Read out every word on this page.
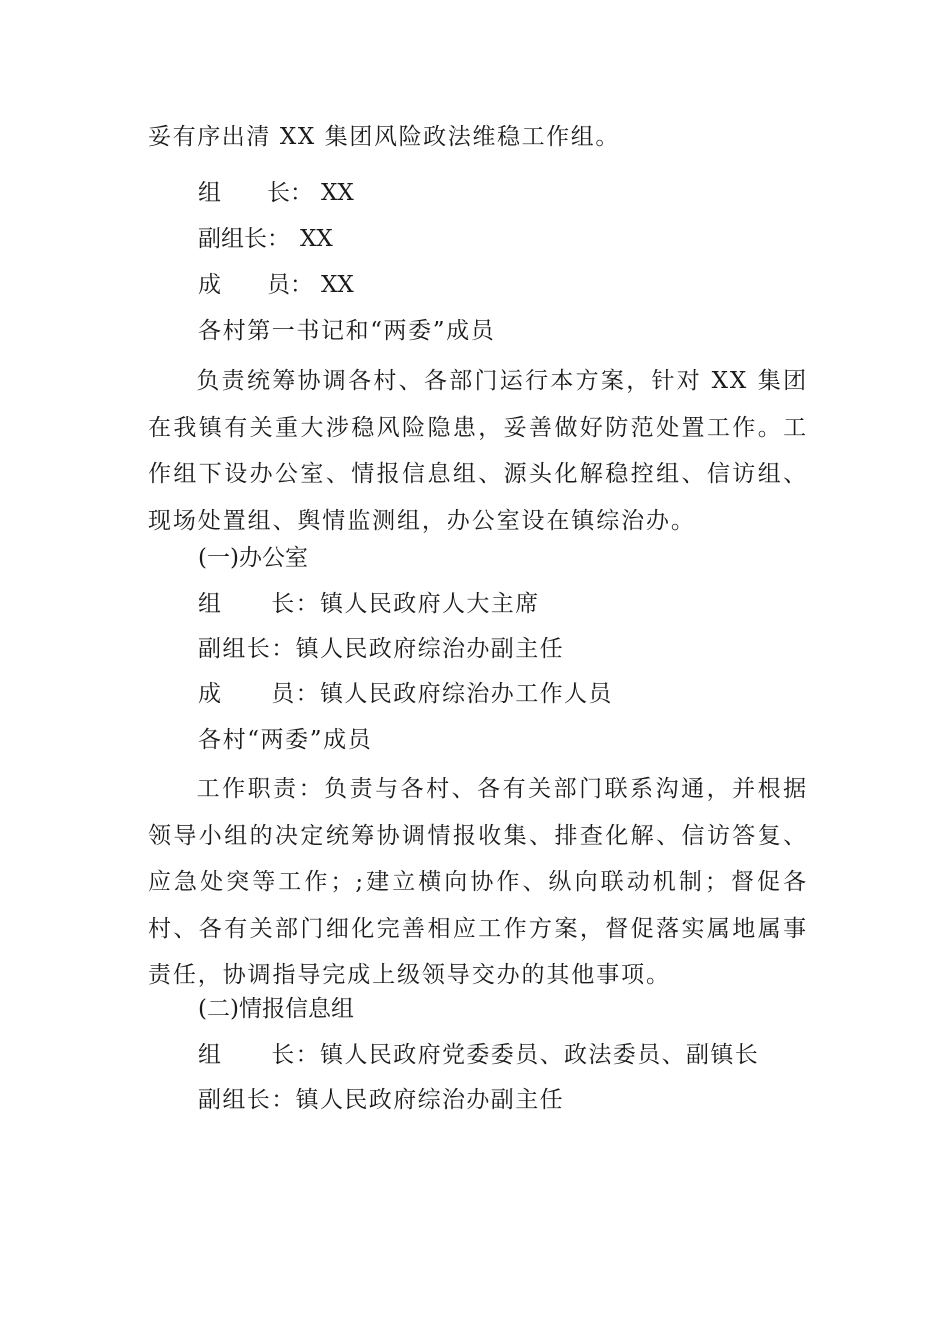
妥有序出清 XX 集团风险政法维稳工作组。
组　　长： XX
副组长： XX
成　　员： XX
各村第一书记和“两委”成员
负责统筹协调各村、各部门运行本方案，针对 XX 集团在我镇有关重大涉稳风险隐患，妥善做好防范处置工作。工作组下设办公室、情报信息组、源头化解稳控组、信访组、现场处置组、舆情监测组，办公室设在镇综治办。
(一)办公室
组　　长：镇人民政府人大主席
副组长：镇人民政府综治办副主任
成　　员：镇人民政府综治办工作人员
各村“两委”成员
工作职责：负责与各村、各有关部门联系沟通，并根据领导小组的决定统筹协调情报收集、排查化解、信访答复、应急处突等工作；;建立横向协作、纵向联动机制；督促各村、各有关部门细化完善相应工作方案，督促落实属地属事责任，协调指导完成上级领导交办的其他事项。
(二)情报信息组
组　　长：镇人民政府党委委员、政法委员、副镇长
副组长：镇人民政府综治办副主任
